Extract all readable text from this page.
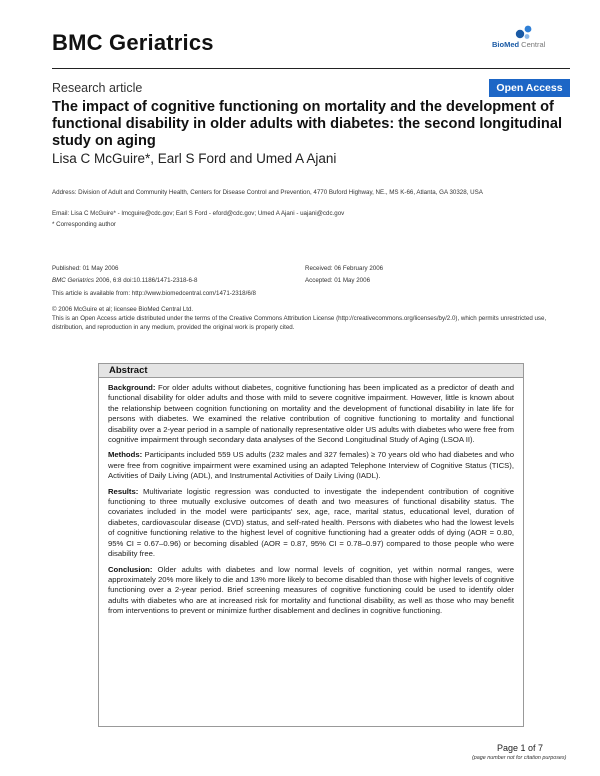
BMC Geriatrics	BioMed Central
Research article	Open Access
The impact of cognitive functioning on mortality and the development of functional disability in older adults with diabetes: the second longitudinal study on aging
Lisa C McGuire*, Earl S Ford and Umed A Ajani
Address: Division of Adult and Community Health, Centers for Disease Control and Prevention, 4770 Buford Highway, NE., MS K-66, Atlanta, GA 30328, USA
Email: Lisa C McGuire* - lmcguire@cdc.gov; Earl S Ford - eford@cdc.gov; Umed A Ajani - uajani@cdc.gov
* Corresponding author
Published: 01 May 2006
BMC Geriatrics 2006, 6:8 doi:10.1186/1471-2318-6-8
Received: 06 February 2006
Accepted: 01 May 2006
This article is available from: http://www.biomedcentral.com/1471-2318/6/8
© 2006 McGuire et al; licensee BioMed Central Ltd.
This is an Open Access article distributed under the terms of the Creative Commons Attribution License (http://creativecommons.org/licenses/by/2.0), which permits unrestricted use, distribution, and reproduction in any medium, provided the original work is properly cited.
Abstract

Background: For older adults without diabetes, cognitive functioning has been implicated as a predictor of death and functional disability for older adults and those with mild to severe cognitive impairment. However, little is known about the relationship between cognition functioning on mortality and the development of functional disability in late life for persons with diabetes. We examined the relative contribution of cognitive functioning to mortality and functional disability over a 2-year period in a sample of nationally representative older US adults with diabetes who were free from cognitive impairment through secondary data analyses of the Second Longitudinal Study of Aging (LSOA II).

Methods: Participants included 559 US adults (232 males and 327 females) ≥ 70 years old who had diabetes and who were free from cognitive impairment were examined using an adapted Telephone Interview of Cognitive Status (TICS), Activities of Daily Living (ADL), and Instrumental Activities of Daily Living (IADL).

Results: Multivariate logistic regression was conducted to investigate the independent contribution of cognitive functioning to three mutually exclusive outcomes of death and two measures of functional disability status. The covariates included in the model were participants' sex, age, race, marital status, educational level, duration of diabetes, cardiovascular disease (CVD) status, and self-rated health. Persons with diabetes who had the lowest levels of cognitive functioning relative to the highest level of cognitive functioning had a greater odds of dying (AOR = 0.80, 95% CI = 0.67–0.96) or becoming disabled (AOR = 0.87, 95% CI = 0.78–0.97) compared to those people who were disability free.

Conclusion: Older adults with diabetes and low normal levels of cognition, yet within normal ranges, were approximately 20% more likely to die and 13% more likely to become disabled than those with higher levels of cognitive functioning over a 2-year period. Brief screening measures of cognitive functioning could be used to identify older adults with diabetes who are at increased risk for mortality and functional disability, as well as those who may benefit from interventions to prevent or minimize further disablement and declines in cognitive functioning.

Page 1 of 7
(page number not for citation purposes)
